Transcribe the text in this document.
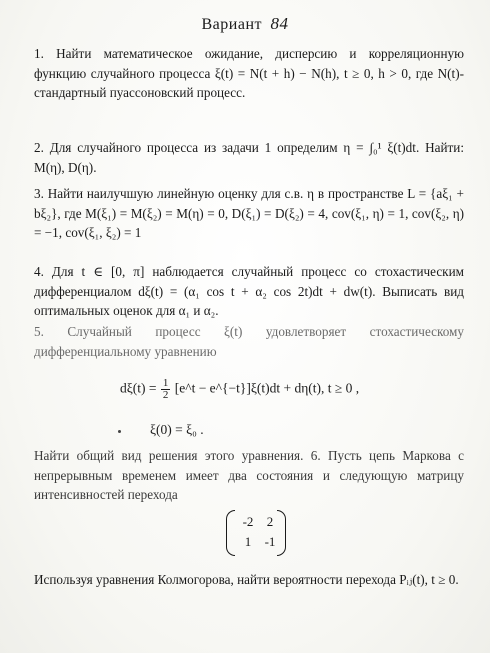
Вариант 84
1. Найти математическое ожидание, дисперсию и корреляционную функцию случайного процесса ξ(t) = N(t + h) − N(h), t ≥ 0, h > 0, где N(t)-стандартный пуассоновский процесс.
2. Для случайного процесса из задачи 1 определим η = ∫₀¹ ξ(t)dt. Найти: M(η), D(η).
3. Найти наилучшую линейную оценку для с.в. η в пространстве L = {aξ₁ + bξ₂}, где M(ξ₁) = M(ξ₂) = M(η) = 0, D(ξ₁) = D(ξ₂) = 4, cov(ξ₁, η) = 1, cov(ξ₂, η) = −1, cov(ξ₁, ξ₂) = 1
4. Для t ∈ [0, π] наблюдается случайный процесс со стохастическим дифференциалом dξ(t) = (α₁ cos t + α₂ cos 2t)dt + dw(t). Выписать вид оптимальных оценок для α₁ и α₂.
5. Случайный процесс ξ(t) удовлетворяет стохастическому дифференциальному уравнению
$d\xi(t) = \frac{1}{2}$ [e^t − e^{−t}]ξ(t)dt + dη(t), t ≥ 0 ,
ξ(0) = ξ₀ .
Найти общий вид решения этого уравнения. 6. Пусть цепь Маркова с непрерывным временем имеет два состояния и следующую матрицу интенсивностей перехода
-2	2
1	-1
Используя уравнения Колмогорова, найти вероятности перехода Pᵢⱼ(t), t ≥ 0.
